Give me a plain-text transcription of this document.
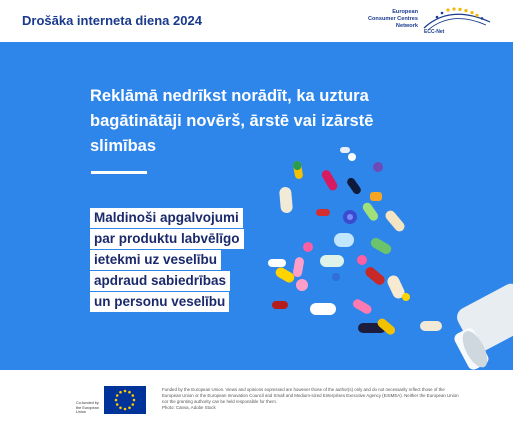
Drošāka interneta diena 2024
European
Consumer Centres
Network
ECC-Net
Reklāmā nedrīkst norādīt, ka uztura
bagātinātāji novērš, ārstē vai izārstē
slimības
Maldinoši apgalvojumi
par produktu labvēlīgo
ietekmi uz veselību
apdraud sabiedrības
un personu veselību
Co-funded by
the European Union
Funded by the European Union. Views and opinions expressed are however those of the author(s) only and do not necessarily reflect those of the European Union or the European Innovation Council and Small and Medium-sized Enterprises Executive Agency (EISMEA). Neither the European Union nor the granting authority can be held responsible for them.
Photo: Canva, Adobe Stock
